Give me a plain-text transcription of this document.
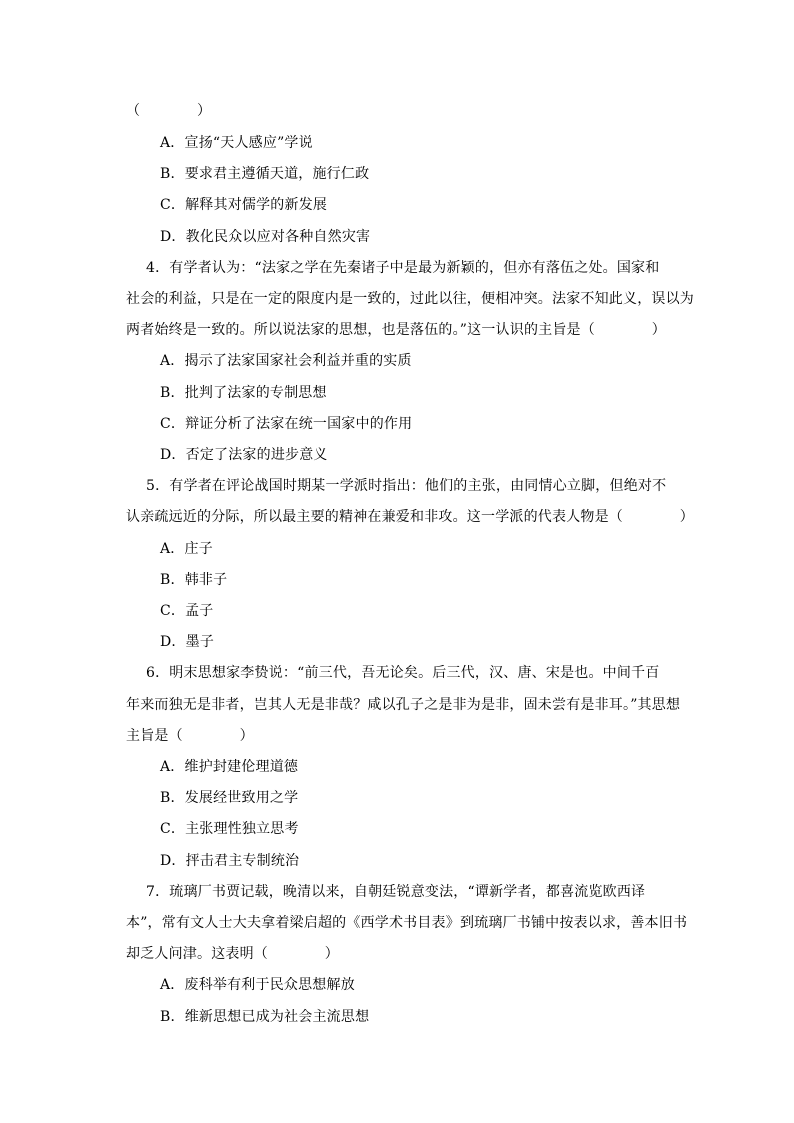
（　　　　）
A．宣扬“天人感应”学说
B．要求君主遵循天道，施行仁政
C．解释其对儒学的新发展
D．教化民众以应对各种自然灾害
4．有学者认为：“法家之学在先秦诸子中是最为新颖的，但亦有落伍之处。国家和
社会的利益，只是在一定的限度内是一致的，过此以往，便相冲突。法家不知此义，误以为
两者始终是一致的。所以说法家的思想，也是落伍的。”这一认识的主旨是（　　　　）
A．揭示了法家国家社会利益并重的实质
B．批判了法家的专制思想
C．辩证分析了法家在统一国家中的作用
D．否定了法家的进步意义
5．有学者在评论战国时期某一学派时指出：他们的主张，由同情心立脚，但绝对不
认亲疏远近的分际，所以最主要的精神在兼爱和非攻。这一学派的代表人物是（　　　　）
A．庄子
B．韩非子
C．孟子
D．墨子
6．明末思想家李贽说：“前三代，吾无论矣。后三代，汉、唐、宋是也。中间千百
年来而独无是非者，岂其人无是非哉？咸以孔子之是非为是非，固未尝有是非耳。”其思想
主旨是（　　　　）
A．维护封建伦理道德
B．发展经世致用之学
C．主张理性独立思考
D．抨击君主专制统治
7．琉璃厂书贾记载，晚清以来，自朝廷锐意变法，“谭新学者，都喜流览欧西译
本”，常有文人士大夫拿着梁启超的《西学术书目表》到琉璃厂书铺中按表以求，善本旧书
却乏人问津。这表明（　　　　）
A．废科举有利于民众思想解放
B．维新思想已成为社会主流思想
